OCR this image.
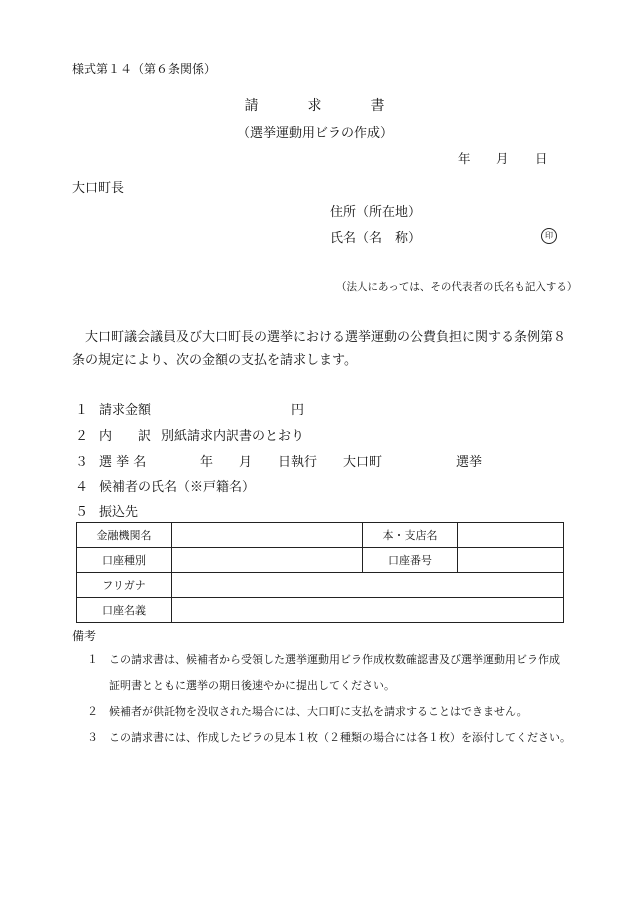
様式第１４（第６条関係）
請	求	書
（選挙運動用ビラの作成）
年 月 日
大口町長
住所（所在地）
氏名（名　称）	印
（法人にあっては、その代表者の氏名も記入する）
大口町議会議員及び大口町長の選挙における選挙運動の公費負担に関する条例第８条の規定により、次の金額の支払を請求します。
１ 請求金額	円
２ 内　　訳 別紙請求内訳書のとおり
３ 選 挙 名	年 月 日執行 大口町	選挙
４ 候補者の氏名（※戸籍名）
５ 振込先
金融機関名		本・支店名	
口座種別		口座番号	
フリガナ			
口座名義			
備考
１ この請求書は、候補者から受領した選挙運動用ビラ作成枚数確認書及び選挙運動用ビラ作成
証明書とともに選挙の期日後速やかに提出してください。
２ 候補者が供託物を没収された場合には、大口町に支払を請求することはできません。
３ この請求書には、作成したビラの見本１枚（２種類の場合には各１枚）を添付してください。
